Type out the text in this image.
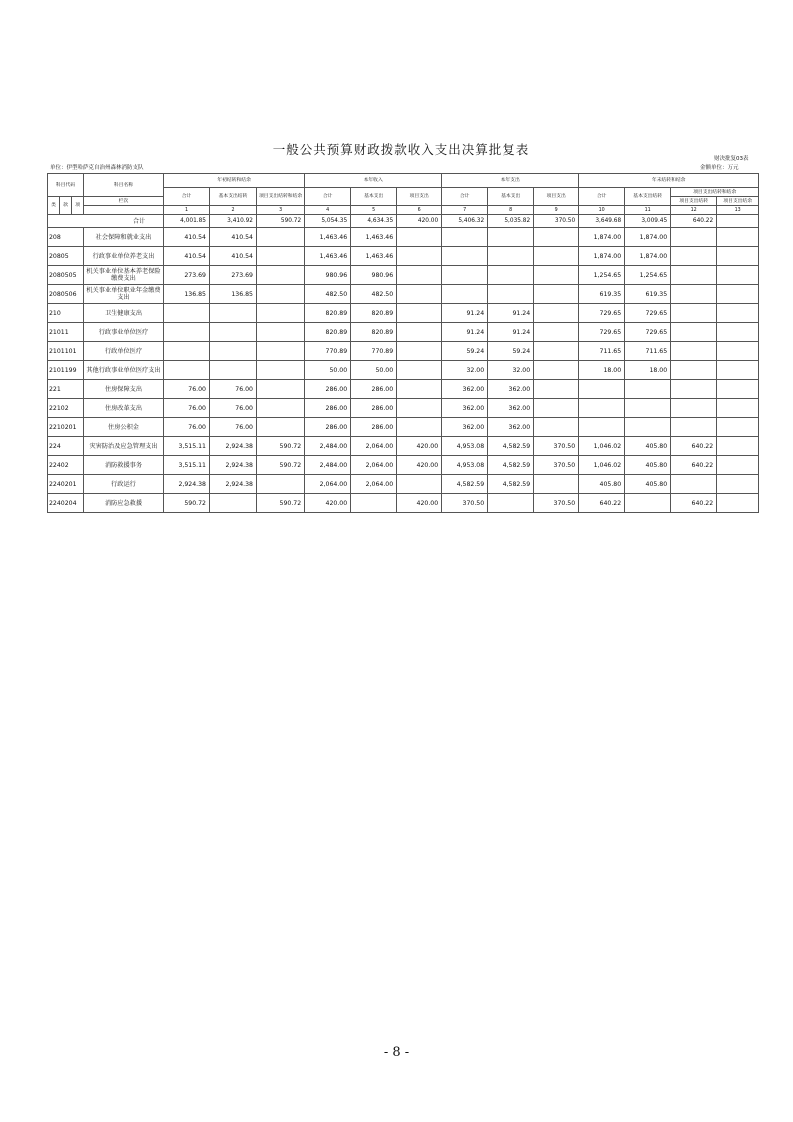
一般公共预算财政拨款收入支出决算批复表
财决批复03表
单位：伊型哈萨克自治州森林消防支队	金额单位：万元
科目代码			科目名称	年初结转和结余			本年收入			本年支出			年末结转和结余			
				合计	基本支出结转	项目支出结转和结余	合计	基本支出	项目支出	合计	基本支出	项目支出	合计	基本支出结转	项目支出结转和结余	
类	款	项	栏次												项目支出结转	项目支出结余
				1	2	3	4	5	6	7	8	9	10	11	12	13
合计				4,001.85	3,410.92	590.72	5,054.35	4,634.35	420.00	5,406.32	5,035.82	370.50	3,649.68	3,009.45	640.22	
208			社会保障和就业支出	410.54	410.54		1,463.46	1,463.46					1,874.00	1,874.00		
20805			行政事业单位养老支出	410.54	410.54		1,463.46	1,463.46					1,874.00	1,874.00		
2080505			机关事业单位基本养老保险缴费支出	273.69	273.69		980.96	980.96					1,254.65	1,254.65		
2080506			机关事业单位职业年金缴费支出	136.85	136.85		482.50	482.50					619.35	619.35		
210			卫生健康支出				820.89	820.89		91.24	91.24		729.65	729.65		
21011			行政事业单位医疗				820.89	820.89		91.24	91.24		729.65	729.65		
2101101			行政单位医疗				770.89	770.89		59.24	59.24		711.65	711.65		
2101199			其他行政事业单位医疗支出				50.00	50.00		32.00	32.00		18.00	18.00		
221			住房保障支出	76.00	76.00		286.00	286.00		362.00	362.00					
22102			住房改革支出	76.00	76.00		286.00	286.00		362.00	362.00					
2210201			住房公积金	76.00	76.00		286.00	286.00		362.00	362.00					
224			灾害防治及应急管理支出	3,515.11	2,924.38	590.72	2,484.00	2,064.00	420.00	4,953.08	4,582.59	370.50	1,046.02	405.80	640.22	
22402			消防救援事务	3,515.11	2,924.38	590.72	2,484.00	2,064.00	420.00	4,953.08	4,582.59	370.50	1,046.02	405.80	640.22	
2240201			行政运行	2,924.38	2,924.38		2,064.00	2,064.00		4,582.59	4,582.59		405.80	405.80		
2240204			消防应急救援	590.72		590.72	420.00		420.00	370.50		370.50	640.22		640.22	
- 8 -
